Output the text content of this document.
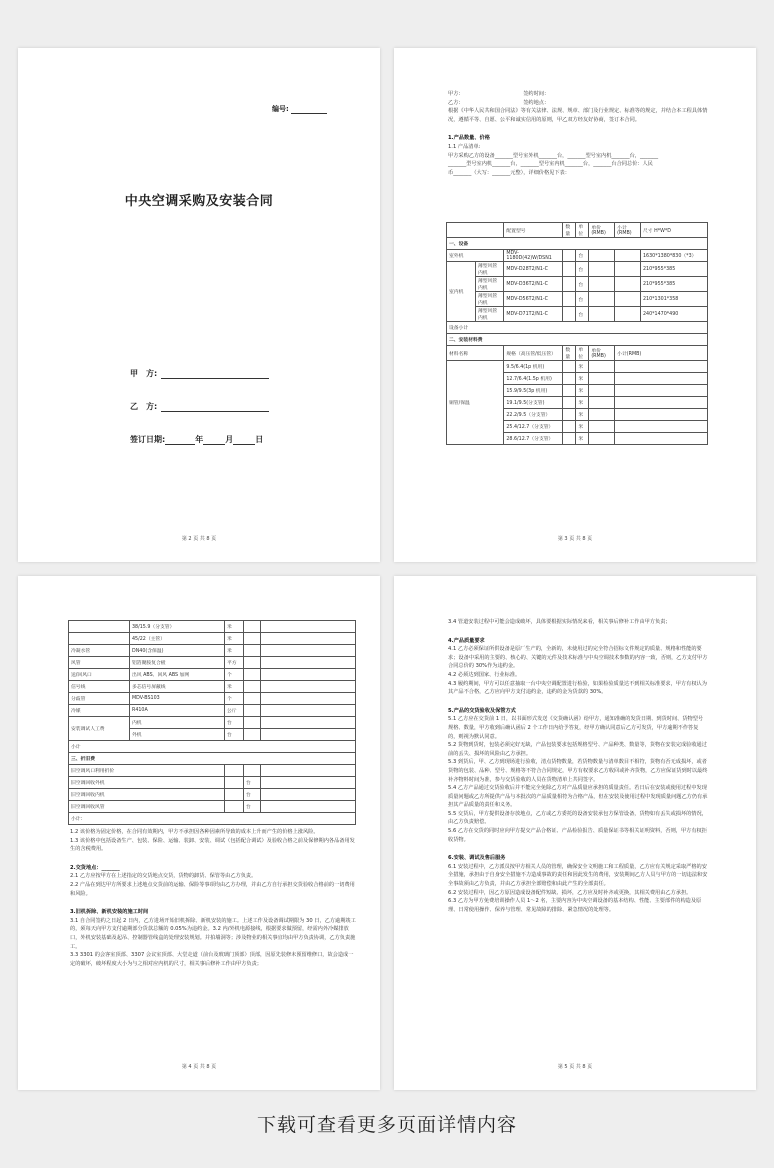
编号:
中央空调采购及安装合同
甲　方:
乙　方:
签订日期:	年	月	日
第 2 页 共 8 页
甲方：　　　　　　　　　　　　签约时间：
乙方：　　　　　　　　　　　　签约地点：
根据《中华人民共和国合同法》等有关法律、法规、规章、部门及行业规定、标准等的规定，并结合本工程具体情况，遵循平等、自愿、公平和诚实信用的原则，甲乙双方经友好协商，签订本合同。
1.产品数量、价格
1.1 产品清单:
甲方采购乙方的设备_______型号室外机_______台，_______型号室内机_______台，_______
_______型号室内机_______台，_______型号室内机_______台，_______台合同总价：人民
币_______（大写：_______元整），详细价格见下表：
		配置型号	数量	单位	单价(RMB)	小计(RMB)	尺寸 H*W*D
一、设备							
室外机		MDV-1180D(42)W/DSN1		台			1630*1380*830（*3）
室内机	薄型风管内机	MDV-D28T2/N1-C		台			210*955*385
	薄型风管内机	MDV-D36T2/N1-C		台			210*955*385
	薄型风管内机	MDV-D56T2/N1-C		台			210*1301*358
	薄型风管内机	MDV-D71T2/N1-C		台			240*1470*490
设备小计							
二、安装材料费							
材料名称		规格（高压管/低压管）	数量	单位	单价(RMB)	小计(RMB)	
铜管/保温		9.5/6.4(1p 机用)		米			
		12.7/6.4(1.5p 机用)		米			
		15.9/9.5(3p 机用)		米			
		19.1/9.5(分支管)		米			
		22.2/9.5（分支管）		米			
		25.4/12.7（分支管）		米			
		28.6/12.7（分支管）		米			
第 3 页 共 8 页
	38/15.9（分支管）	米		
	45/22（主管）	米		
冷凝水管	DN40(含保温)	米		
风管	铝箔聚胺复合板	平方		
送/回风口	出风 ABS、回风 ABS 加网	个		
信号线	多芯信号屏蔽线	米		
分歧管	MDV-BS103	个		
冷媒	R410A	公斤		
安装调试人工费	内机	台		
	外机	台		
小计				
三、折旧费				
旧空调风口利用折价				
旧空调回收外机			台	
旧空调回收内机			台	
旧空调回收风管			台	
小计：				
1.2 该价格为固定价格，在合同有效期内，甲方不承担因各种因素所导致的成本上升而产生的价格上涨风险。
1.3 该价格中包括设备生产、包装、保险、运输、装卸、安装、调试（包括配合调试）及验收合格之前及保修期内各品备用发生的含税费用。
2.交货地点：_______
2.1 乙方应按甲方在上述指定的交货地点交货，货物的卸货、保管等由乙方负责。
2.2 产品在到达甲方所要求上述地点交货前的运输、保险等事项均由乙方办理，并由乙方自行承担交货验收合格前的一切费用和风险。
3.旧机拆除、新机安装的施工时间
3.1 自合同签约之日起 2 日内，乙方进场开始旧机拆除、新机安装的施工。上述工作及设备调试期限为 30 日，乙方逾期竣工的，须每天向甲方支付逾期部分货款总额的 0.05%为违约金。3.2 内/外机电源接线，根据要求做预留，经需内外冷媒排放口，外机安装基础及起吊、控制器管线盒的处理安装规划。并拍墙洞等；涉及物业的相关事宜均由甲方负责协调，乙方负责施工。
3.3 3301 的会客室顶部、3307 会议室顶部、大堂走道（前台及玻璃门顶部）顶部，因原先装修未预留维修口，故会造成一定的破坏，破坏程度大小为与之相对应内机的尺寸，相关事后修补工作由甲方负责；
第 4 页 共 8 页
3.4 管道安装过程中可能会造成破坏，具体要根据实际情况来看，相关事后修补工作由甲方负责；
4.产品质量要求
4.1 乙方必须保证所供设备是原厂生产的，全新的，未使用过的完全符合招标文件规定的质量、规格和性能的要求；设备中采用的主要的、核心的、关键的元件及技术标准与中央空调技术参数的内容一致，否则，乙方支付甲方合同总价的 30%作为违约金。
4.2 必须达到国家、行业标准。
4.3 履约期间，甲方可以任意抽取一台中央空调配置进行检验，如果检验质量达不到相关标准要求，甲方有权认为其产品不合格，乙方应向甲方支付违约金，违约的金为货款的 30%。
5.产品的交货验收及保管方式
5.1 乙方应在交货前 1 日，以书面形式发送《交货确认函》给甲方，通知准确的发货日期、到货时间、货物型号规格、数量，甲方收到后确认函后 2 个工作日内给予答复，经甲方确认同意后乙方可发货，甲方逾期不作答复的，则视为默认同意。
5.2 货物到货时，包装必须完好无缺，产品包装要求包括规格型号、产品种类、数量等，货物在安装完成验收通过前的丢失、损坏的风险由乙方承担。
5.3 到货后，甲、乙方到现场进行验收，清点货物数量，若货物数量与清单数目不相符，货物有否无成损坏，或者货物的包装、品种、型号、规格等不符合合同规定，甲方有权要求乙方收回或补齐货物，乙方应保证货到时以最终补齐物料时间为准，参与交货验收的人员在货物清单上共同签字。
5.4 乙方产品通过交货验收后并不能完全免除乙方对产品质量应承担的质量责任。若日后在安装或使用过程中发现质量问题或乙方所提供产品与本批次的产品质量相符为合格产品，但在安装及使用过程中发现质量问题乙方仍有承担其产品质量的责任和义务。
5.5 交货后，甲方提供设备存放地点，乙方或乙方委托的设备安装承包方保管设备，货物如有丢失或损坏的情况，由乙方负责赔偿。
5.6 乙方在交货的同时应向甲方提交产品合格证、产品检验报告、质量保证书等相关证明资料，否则，甲方有权拒收货物。
6.安装、调试及售后服务
6.1 安装过程中，乙方派员按甲方相关人员的管理，确保安全文明施工和工程质量，乙方应有关规定采取严格的安全措施，承担由于自身安全措施不力造成事故的责任和因此发生的费用，安装期间乙方人员与甲方的一切违法和安全事故须由乙方负责，并由乙方承担全部赔偿和由此产生的全部责任。
6.2 安装过程中，因乙方原因造成设备配件短缺、损坏，乙方应及时补齐或更换，其相关费用由乙方承担。
6.3 乙方为甲方免费培训操作人员 1～2 名，主要内容为中央空调设备的基本结构、性能、主要部件的构造及原理、日常使用操作、保养与管理、常见故障的排除、紧急情况的处理等。
第 5 页 共 8 页
下载可查看更多页面详情内容
